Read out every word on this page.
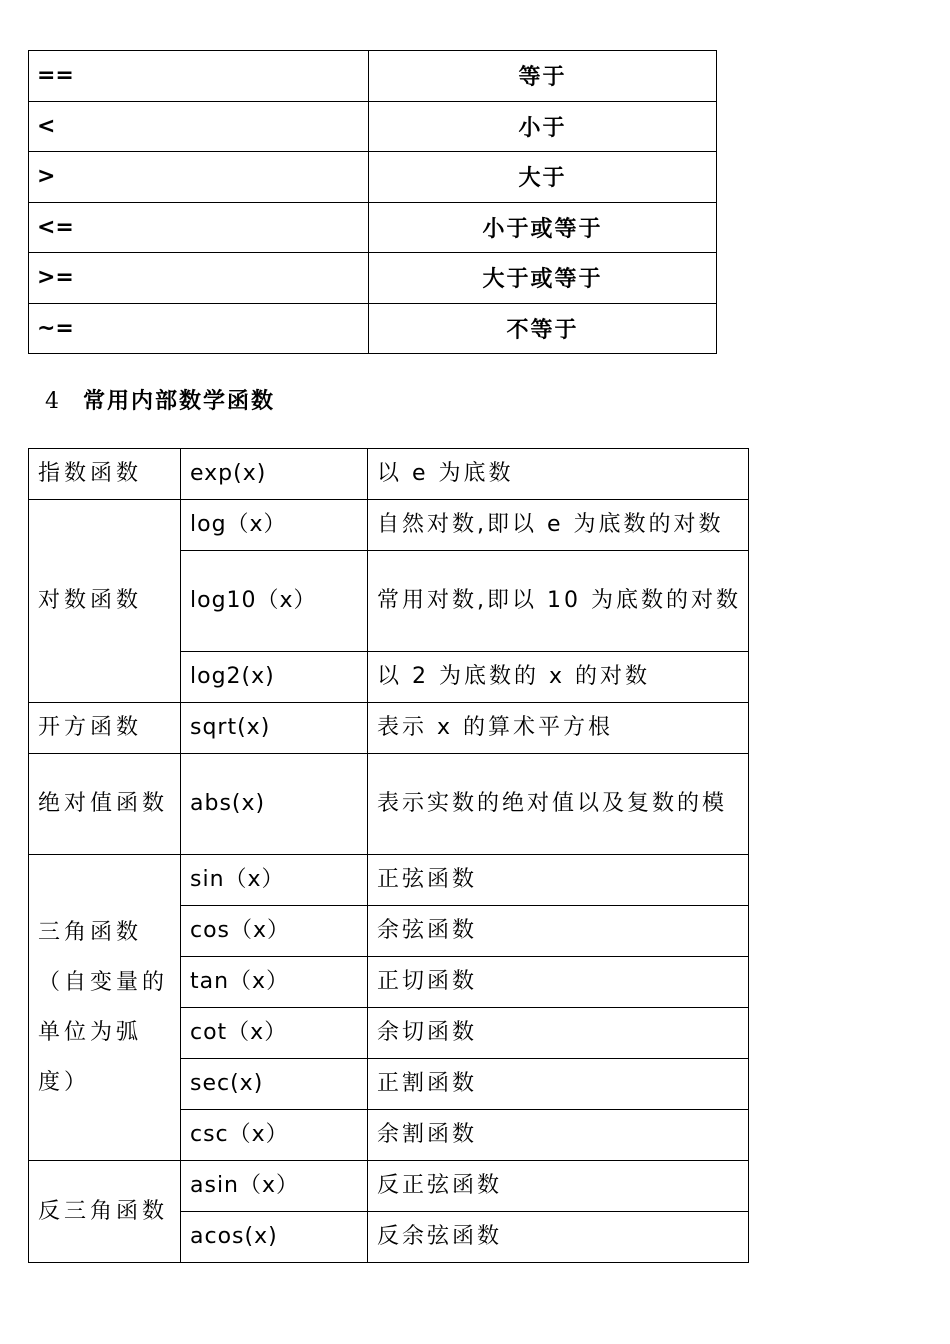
==	等于
<	小于
>	大于
<=	小于或等于
>=	大于或等于
~=	不等于
4 常用内部数学函数
指数函数	exp(x)	以 e 为底数
对数函数	log（x）	自然对数,即以 e 为底数的对数
	log10（x）	常用对数,即以 10 为底数的对数
	log2(x)	以 2 为底数的 x 的对数
开方函数	sqrt(x)	表示 x 的算术平方根
绝对值函数	abs(x)	表示实数的绝对值以及复数的模
三角函数（自变量的单位为弧度）	sin（x）	正弦函数
	cos（x）	余弦函数
	tan（x）	正切函数
	cot（x）	余切函数
	sec(x)	正割函数
	csc（x）	余割函数
反三角函数	asin（x）	反正弦函数
	acos(x)	反余弦函数
